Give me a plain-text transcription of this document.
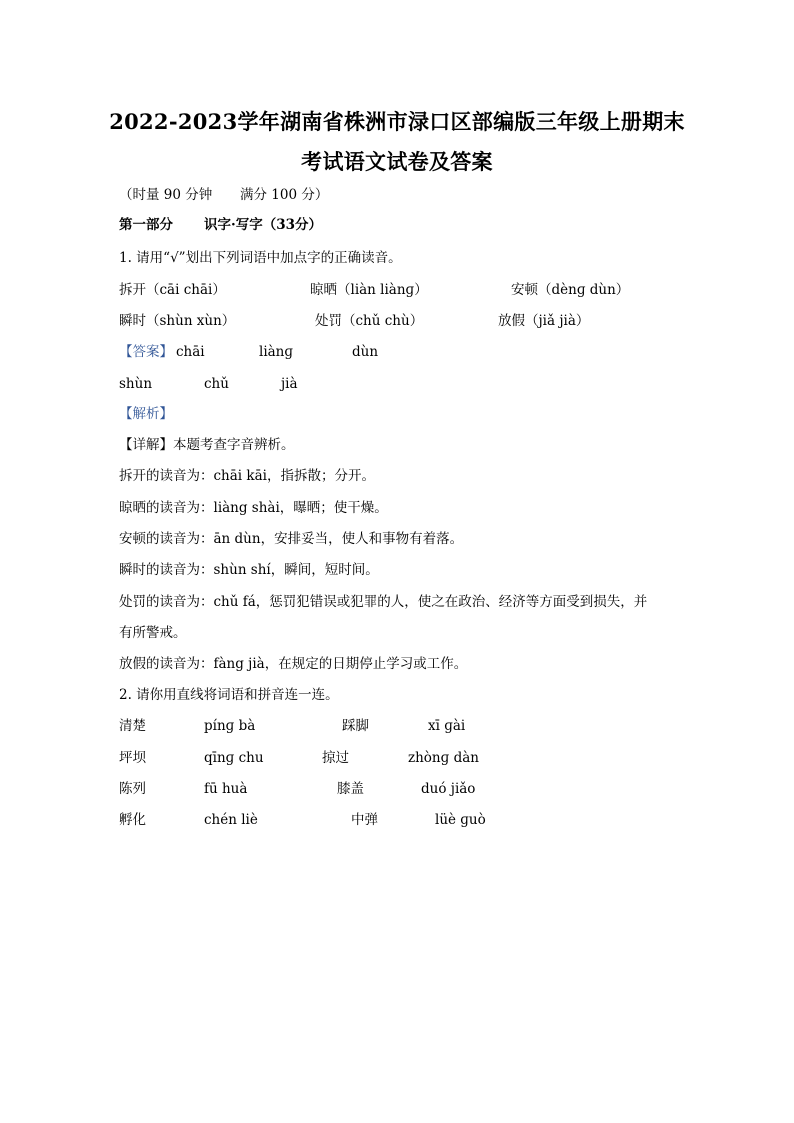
2022-2023学年湖南省株洲市渌口区部编版三年级上册期末
考试语文试卷及答案
（时量 90 分钟 满分 100 分）
第一部分 识字·写字（33分）
1. 请用“√”划出下列词语中加点字的正确读音。
拆开（cāi chāi）	晾晒（liàn liànɡ）	安顿（dènɡ dùn）
瞬时（shùn xùn）	处罚（chǔ chù）	放假（jiǎ jià）
【答案】 chāi	liànɡ	dùn
shùn	chǔ	jià
【解析】
【详解】本题考查字音辨析。
拆开的读音为：chāi kāi，指拆散；分开。
晾晒的读音为：liàng shài，曝晒；使干燥。
安顿的读音为：ān dùn，安排妥当，使人和事物有着落。
瞬时的读音为：shùn shí，瞬间，短时间。
处罚的读音为：chǔ fá，惩罚犯错误或犯罪的人，使之在政治、经济等方面受到损失，并
有所警戒。
放假的读音为：fàng jià，在规定的日期停止学习或工作。
2. 请你用直线将词语和拼音连一连。
清楚	pínɡ bà	踩脚	xī ɡài
坪坝	qīnɡ chu	掠过	zhònɡ dàn
陈列	fū huà	膝盖	duó jiǎo
孵化	chén liè	中弹	lüè ɡuò
